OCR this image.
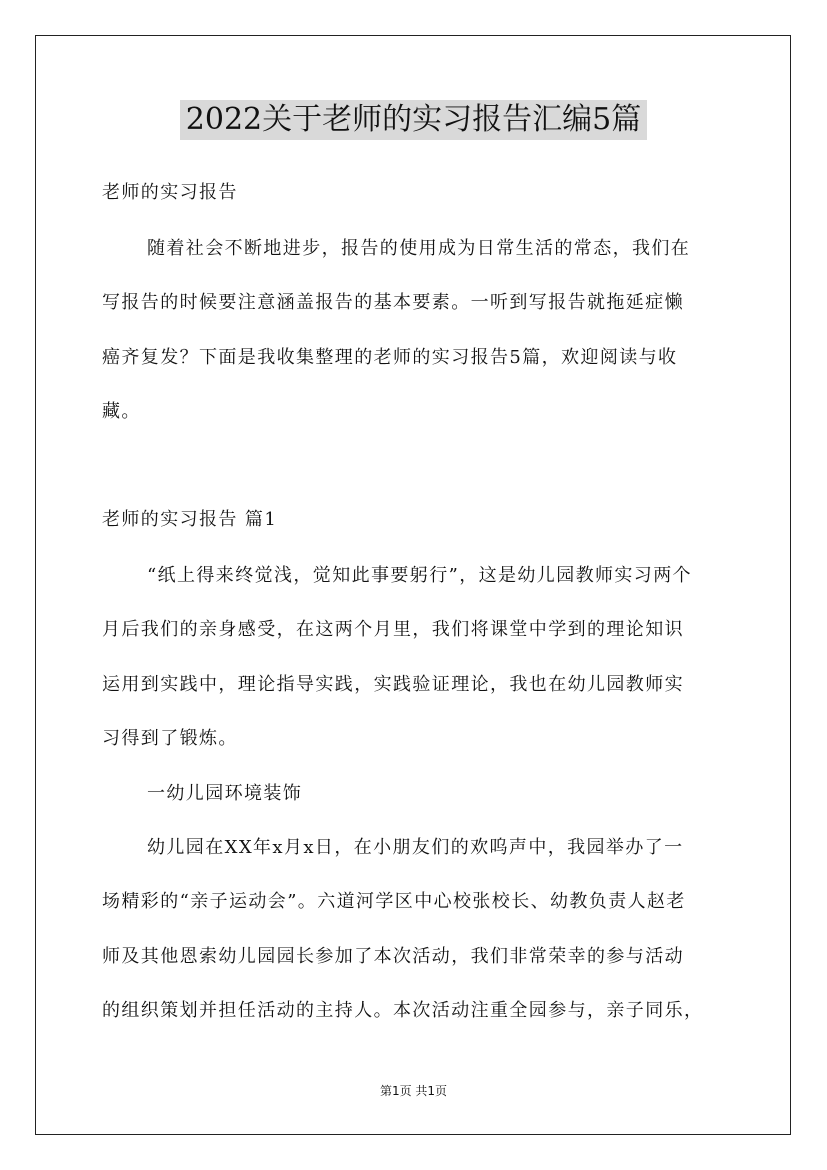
2022关于老师的实习报告汇编5篇
老师的实习报告
随着社会不断地进步，报告的使用成为日常生活的常态，我们在
写报告的时候要注意涵盖报告的基本要素。一听到写报告就拖延症懒
癌齐复发？下面是我收集整理的老师的实习报告5篇，欢迎阅读与收
藏。
老师的实习报告 篇1
“纸上得来终觉浅，觉知此事要躬行”，这是幼儿园教师实习两个
月后我们的亲身感受，在这两个月里，我们将课堂中学到的理论知识
运用到实践中，理论指导实践，实践验证理论，我也在幼儿园教师实
习得到了锻炼。
一幼儿园环境装饰
幼儿园在XX年x月x日，在小朋友们的欢呜声中，我园举办了一
场精彩的“亲子运动会”。六道河学区中心校张校长、幼教负责人赵老
师及其他恩索幼儿园园长参加了本次活动，我们非常荣幸的参与活动
的组织策划并担任活动的主持人。本次活动注重全园参与，亲子同乐，
第1页 共1页
